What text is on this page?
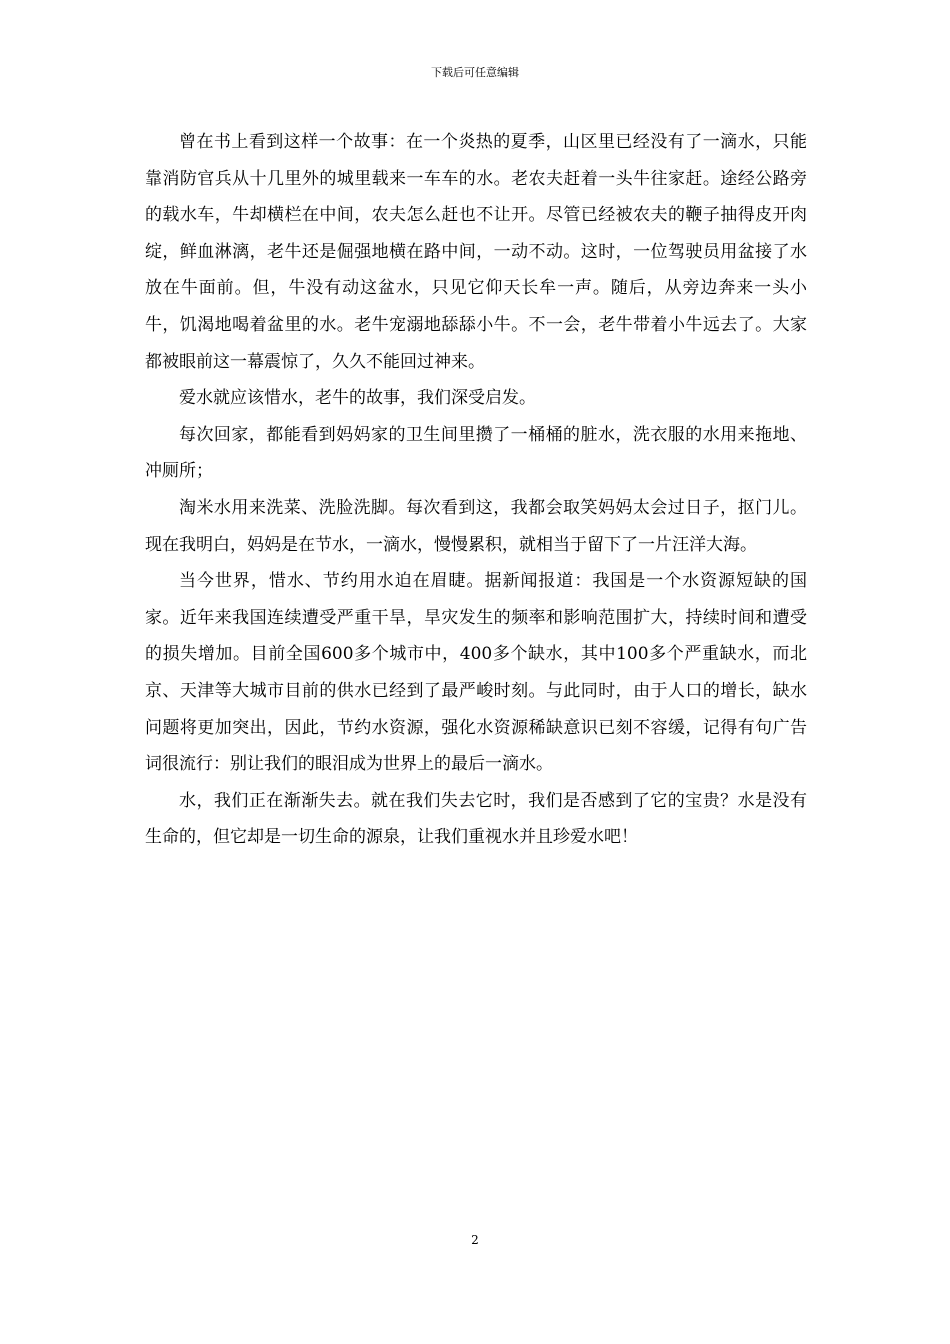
下载后可任意编辑

曾在书上看到这样一个故事：在一个炎热的夏季，山区里已经没有了一滴水，只能靠消防官兵从十几里外的城里载来一车车的水。老农夫赶着一头牛往家赶。途经公路旁的载水车，牛却横栏在中间，农夫怎么赶也不让开。尽管已经被农夫的鞭子抽得皮开肉绽，鲜血淋漓，老牛还是倔强地横在路中间，一动不动。这时，一位驾驶员用盆接了水放在牛面前。但，牛没有动这盆水，只见它仰天长牟一声。随后，从旁边奔来一头小牛，饥渴地喝着盆里的水。老牛宠溺地舔舔小牛。不一会，老牛带着小牛远去了。大家都被眼前这一幕震惊了，久久不能回过神来。

爱水就应该惜水，老牛的故事，我们深受启发。

每次回家，都能看到妈妈家的卫生间里攒了一桶桶的脏水，洗衣服的水用来拖地、冲厕所；

淘米水用来洗菜、洗脸洗脚。每次看到这，我都会取笑妈妈太会过日子，抠门儿。现在我明白，妈妈是在节水，一滴水，慢慢累积，就相当于留下了一片汪洋大海。

当今世界，惜水、节约用水迫在眉睫。据新闻报道：我国是一个水资源短缺的国家。近年来我国连续遭受严重干旱，旱灾发生的频率和影响范围扩大，持续时间和遭受的损失增加。目前全国600多个城市中，400多个缺水，其中100多个严重缺水，而北京、天津等大城市目前的供水已经到了最严峻时刻。与此同时，由于人口的增长，缺水问题将更加突出，因此，节约水资源，强化水资源稀缺意识已刻不容缓，记得有句广告词很流行：别让我们的眼泪成为世界上的最后一滴水。

水，我们正在渐渐失去。就在我们失去它时，我们是否感到了它的宝贵？水是没有生命的，但它却是一切生命的源泉，让我们重视水并且珍爱水吧！

2
